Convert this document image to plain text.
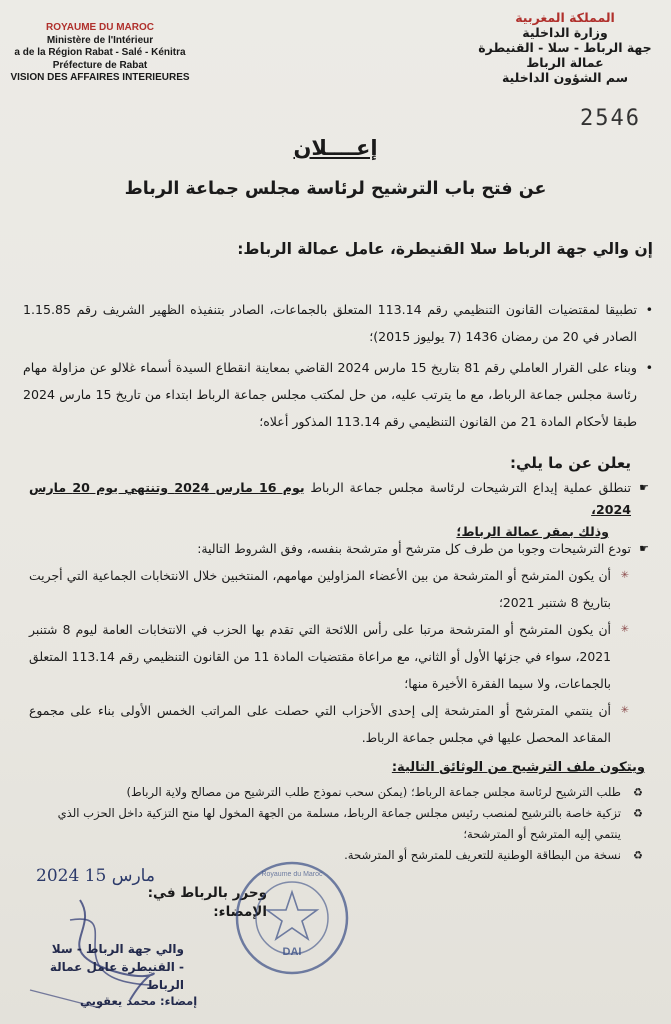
ROYAUME DU MAROC
Ministère de l'Intérieur
a de la Région Rabat - Salé - Kénitra
Préfecture de Rabat
VISION DES AFFAIRES INTERIEURES
المملكة المغربية
وزارة الداخلية
جهة الرباط - سلا - القنيطرة
عمالة الرباط
سم الشؤون الداخلية
2546
إعــــلان
عن فتح باب الترشيح لرئاسة مجلس جماعة الرباط
إن والي جهة الرباط سلا القنيطرة، عامل عمالة الرباط:
• تطبيقا لمقتضيات القانون التنظيمي رقم 113.14 المتعلق بالجماعات، الصادر بتنفيذه الظهير الشريف رقم 1.15.85 الصادر في 20 من رمضان 1436 (7 يوليوز 2015)؛
• وبناء على القرار العاملي رقم 81 بتاريخ 15 مارس 2024 القاضي بمعاينة انقطاع السيدة أسماء غلالو عن مزاولة مهام رئاسة مجلس جماعة الرباط، مع ما يترتب عليه، من حل لمكتب مجلس جماعة الرباط ابتداء من تاريخ 15 مارس 2024 طبقا لأحكام المادة 21 من القانون التنظيمي رقم 113.14 المذكور أعلاه؛
يعلن عن ما يلي:
☛ تنطلق عملية إيداع الترشيحات لرئاسة مجلس جماعة الرباط يوم 16 مارس 2024 وتنتهي يوم 20 مارس 2024،
وذلك بمقر عمالة الرباط؛
☛ تودع الترشيحات وجوبا من طرف كل مترشح أو مترشحة بنفسه، وفق الشروط التالية:
✳ أن يكون المترشح أو المترشحة من بين الأعضاء المزاولين مهامهم، المنتخبين خلال الانتخابات الجماعية التي أجريت بتاريخ 8 شتنبر 2021؛
✳ أن يكون المترشح أو المترشحة مرتبا على رأس اللائحة التي تقدم بها الحزب في الانتخابات العامة ليوم 8 شتنبر 2021، سواء في جزئها الأول أو الثاني، مع مراعاة مقتضيات المادة 11 من القانون التنظيمي رقم 113.14 المتعلق بالجماعات، ولا سيما الفقرة الأخيرة منها؛
✳ أن ينتمي المترشح أو المترشحة إلى إحدى الأحزاب التي حصلت على المراتب الخمس الأولى بناء على مجموع المقاعد المحصل عليها في مجلس جماعة الرباط.
ويتكون ملف الترشيح من الوثائق التالية:
♻ طلب الترشيح لرئاسة مجلس جماعة الرباط؛ (يمكن سحب نموذج طلب الترشيح من مصالح ولاية الرباط)
♻ تزكية خاصة بالترشيح لمنصب رئيس مجلس جماعة الرباط، مسلمة من الجهة المخول لها منح التزكية داخل الحزب الذي ينتمي إليه المترشح أو المترشحة؛
♻ نسخة من البطاقة الوطنية للتعريف للمترشح أو المترشحة.
2024 15 مارس
وحرر بالرباط في:
الإمضاء:
DAI
Royaume du Maroc
والي جهة الرباط - سلا - القنيطرة عامل عمالة الرباط
إمضاء: محمد يعقوبي
